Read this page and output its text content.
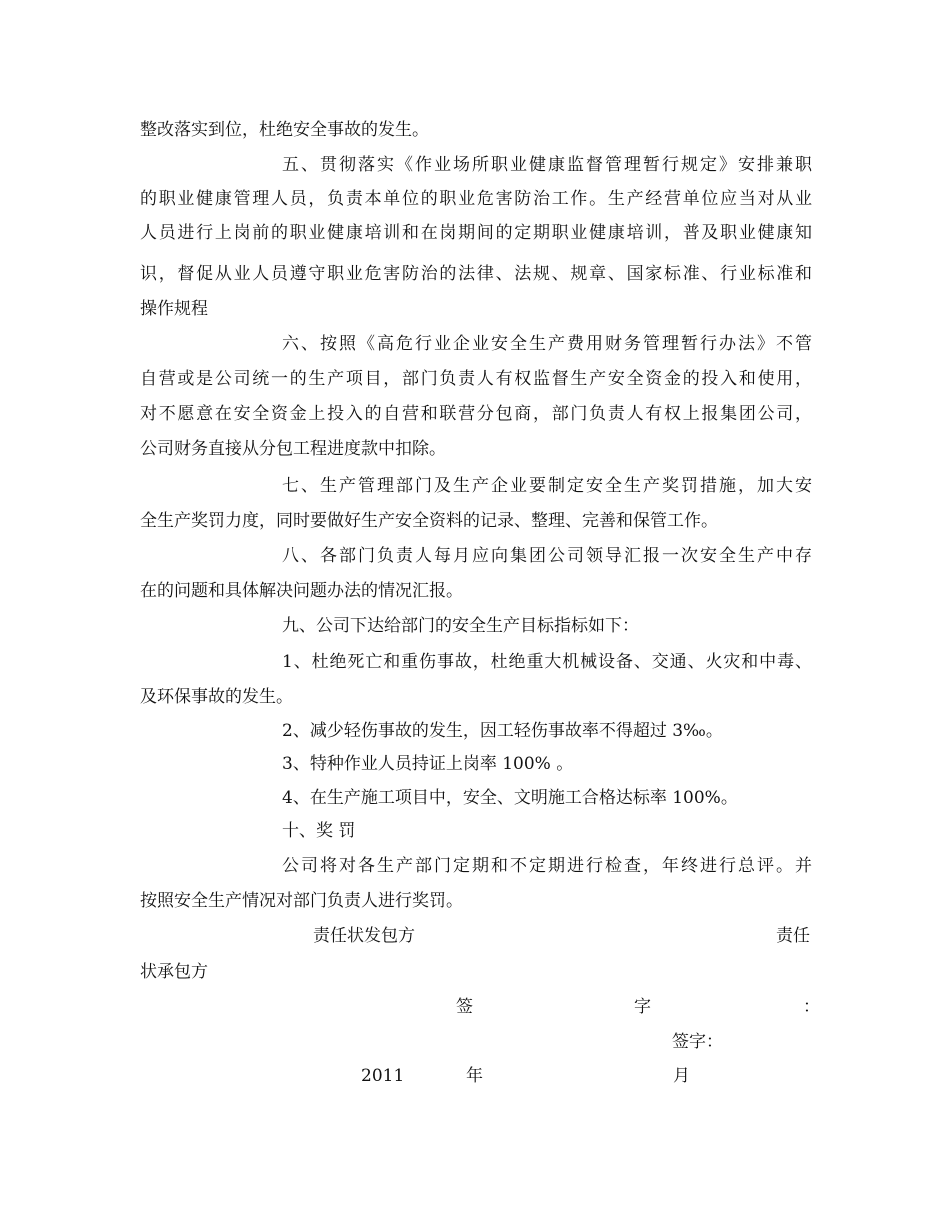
整改落实到位，杜绝安全事故的发生。
五、贯彻落实《作业场所职业健康监督管理暂行规定》安排兼职
的职业健康管理人员，负责本单位的职业危害防治工作。生产经营单位应当对从业
人员进行上岗前的职业健康培训和在岗期间的定期职业健康培训，普及职业健康知
识，督促从业人员遵守职业危害防治的法律、法规、规章、国家标准、行业标准和
操作规程
六、按照《高危行业企业安全生产费用财务管理暂行办法》不管
自营或是公司统一的生产项目，部门负责人有权监督生产安全资金的投入和使用，
对不愿意在安全资金上投入的自营和联营分包商，部门负责人有权上报集团公司，
公司财务直接从分包工程进度款中扣除。
七、生产管理部门及生产企业要制定安全生产奖罚措施，加大安
全生产奖罚力度，同时要做好生产安全资料的记录、整理、完善和保管工作。
八、各部门负责人每月应向集团公司领导汇报一次安全生产中存
在的问题和具体解决问题办法的情况汇报。
九、公司下达给部门的安全生产目标指标如下：
1、杜绝死亡和重伤事故，杜绝重大机械设备、交通、火灾和中毒、
及环保事故的发生。
2、减少轻伤事故的发生，因工轻伤事故率不得超过 3‰。
3、特种作业人员持证上岗率 100% 。
4、在生产施工项目中，安全、文明施工合格达标率 100%。
十、奖 罚
公司将对各生产部门定期和不定期进行检查，年终进行总评。并
按照安全生产情况对部门负责人进行奖罚。
责任状发包方	责任
状承包方
签	字	：
签字：
2011	年	月
